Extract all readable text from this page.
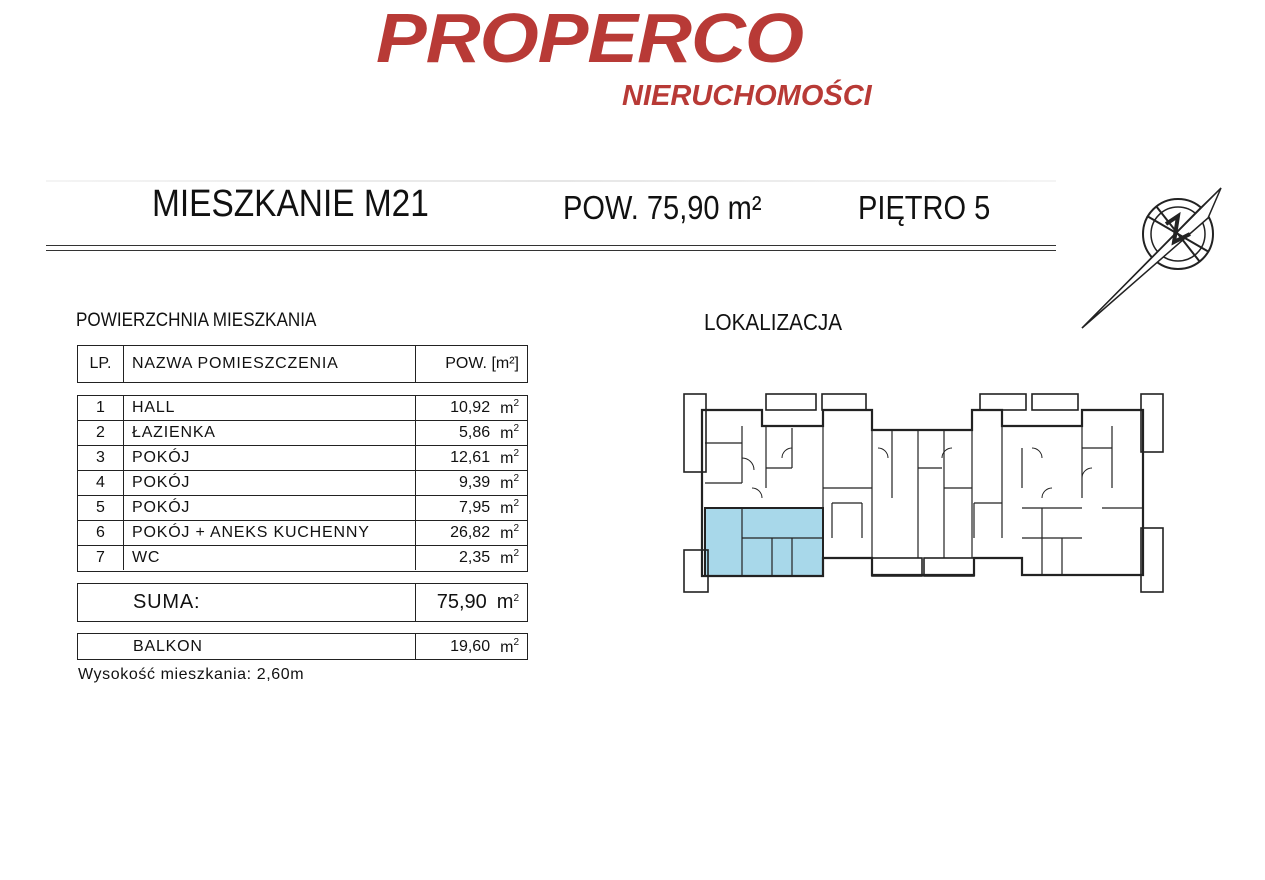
PROPERCO
NIERUCHOMOŚCI
MIESZKANIE M21	POW. 75,90 m²	PIĘTRO 5
POWIERZCHNIA MIESZKANIA	LOKALIZACJA
LP.	NAZWA POMIESZCZENIA	POW. [m²]
1	HALL	10,92 $m^2$
2	ŁAZIENKA	5,86 $m^2$
3	POKÓJ	12,61 $m^2$
4	POKÓJ	9,39 $m^2$
5	POKÓJ	7,95 $m^2$
6	POKÓJ + ANEKS KUCHENNY	26,82 $m^2$
7	WC	2,35 $m^2$
SUMA:	75,90 $m^2$
BALKON	19,60 $m^2$
Wysokość mieszkania: 2,60m
